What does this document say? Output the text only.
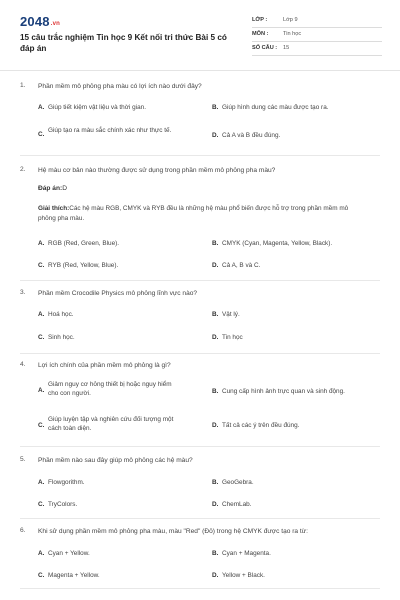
2048.vn
15 câu trắc nghiệm Tin học 9 Kết nối tri thức Bài 5 có đáp án
LỚP :	Lớp 9
MÔN :	Tin học
SỐ CÂU : 15
1. Phần mềm mô phỏng pha màu có lợi ích nào dưới đây?
A. Giúp tiết kiệm vật liệu và thời gian.	B. Giúp hình dung các màu được tạo ra.
C.
Giúp tạo ra màu sắc chính xác như thực tế.
D. Cả A và B đều đúng.
2. Hệ màu cơ bản nào thường được sử dụng trong phần mềm mô phỏng pha màu?
Đáp án:D
Giải thích:Các hệ màu RGB, CMYK và RYB đều là những hệ màu phổ biến được hỗ trợ trong phần mềm mô phỏng pha màu.
A. RGB (Red, Green, Blue).	B. CMYK (Cyan, Magenta, Yellow, Black).
C. RYB (Red, Yellow, Blue).	D. Cả A, B và C.
3. Phần mềm Crocodile Physics mô phỏng lĩnh vực nào?
A. Hoá học.	B. Vật lý.
C. Sinh học.	D. Tin học
4. Lợi ích chính của phần mềm mô phỏng là gì?
A.
Giảm nguy cơ hỏng thiết bị hoặc nguy hiểm cho con người.	B. Cung cấp hình ảnh trực quan và sinh động.
C.
Giúp luyện tập và nghiên cứu đối tượng một cách toàn diện.	D. Tất cả các ý trên đều đúng.
5. Phần mềm nào sau đây giúp mô phỏng các hệ màu?
A. Flowgorithm.	B. GeoGebra.
C. TryColors.	D. ChemLab.
6. Khi sử dụng phần mềm mô phỏng pha màu, màu "Red" (Đỏ) trong hệ CMYK được tạo ra từ:
A. Cyan + Yellow.	B. Cyan + Magenta.
C. Magenta + Yellow.	D. Yellow + Black.
